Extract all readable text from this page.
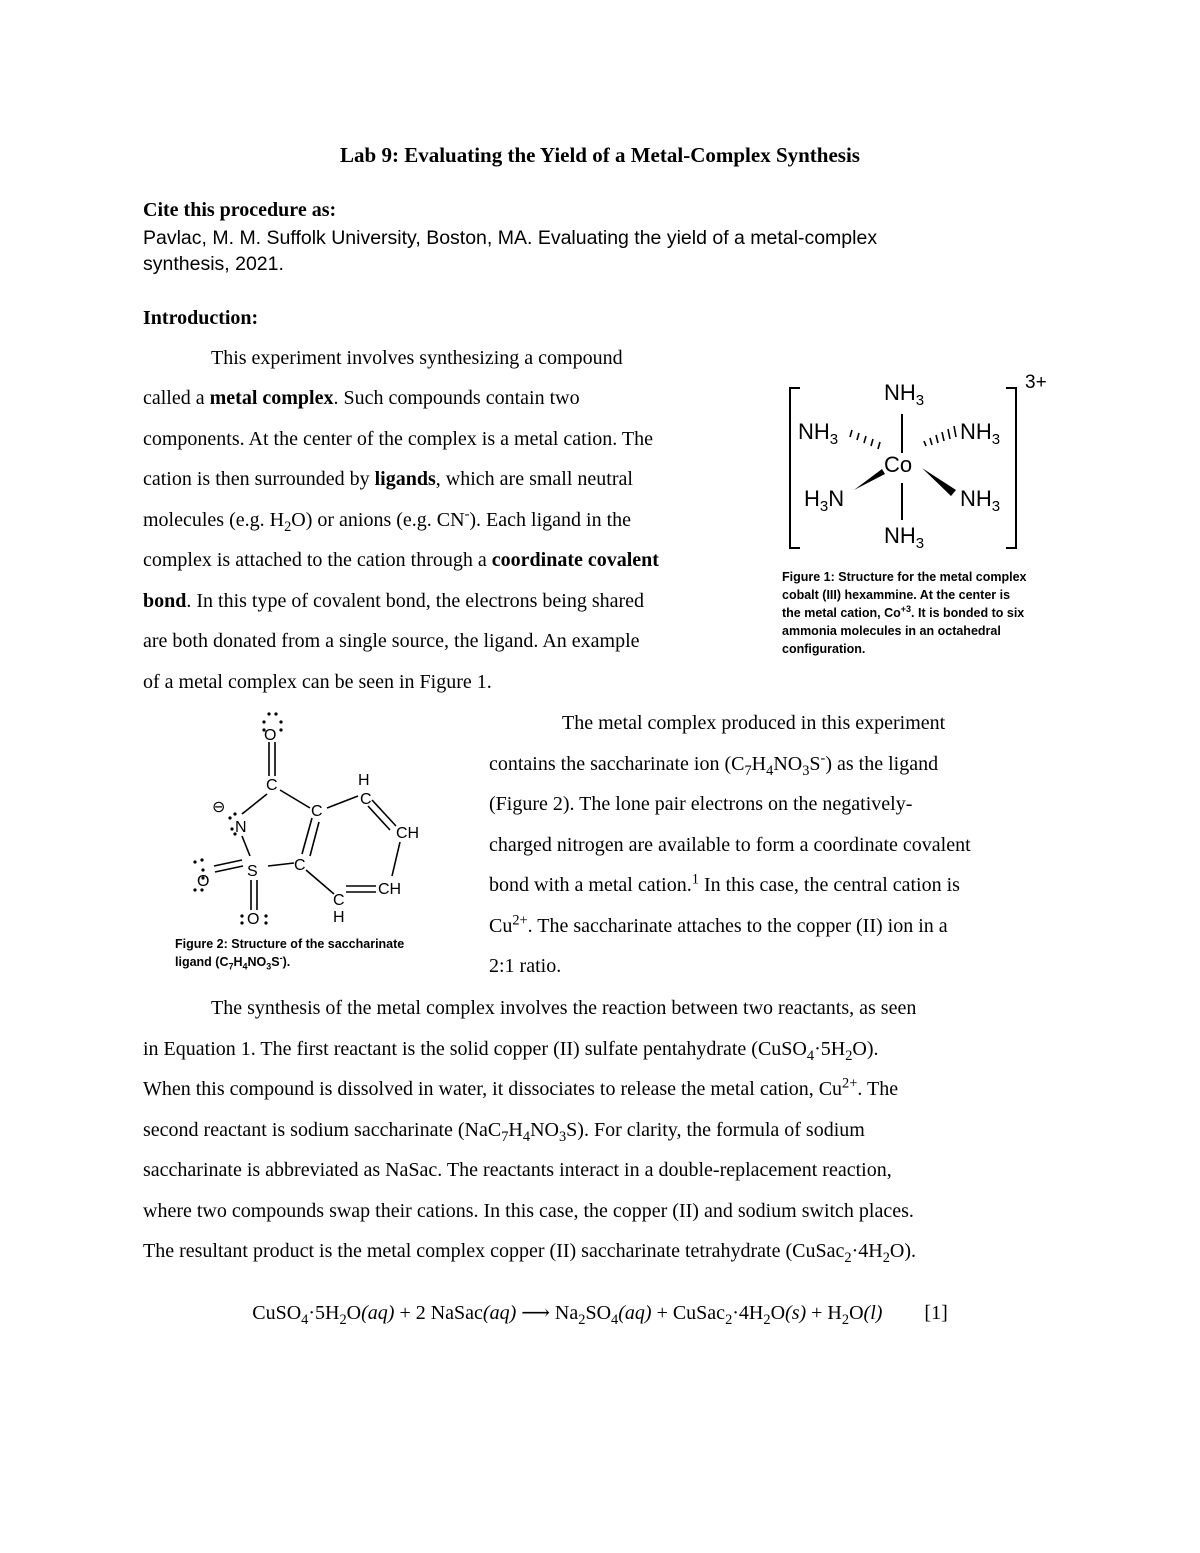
Lab 9: Evaluating the Yield of a Metal-Complex Synthesis
Cite this procedure as:
Pavlac, M. M. Suffolk University, Boston, MA. Evaluating the yield of a metal-complex
synthesis, 2021.
Introduction:
This experiment involves synthesizing a compound
called a metal complex. Such compounds contain two
components. At the center of the complex is a metal cation. The
cation is then surrounded by ligands, which are small neutral
molecules (e.g. $H_2O$) or anions (e.g. CN-). Each ligand in the
complex is attached to the cation through a coordinate covalent
bond. In this type of covalent bond, the electrons being shared
are both donated from a single source, the ligand. An example
of a metal complex can be seen in Figure 1.
$NH_3$
$NH_3$
$NH_3$	$NH_3$
$H_3N$	$NH_3$
Co
3+
Figure 1: Structure for the metal complex
cobalt (III) hexammine. At the center is
the metal cation, $Co^{+3}$. It is bonded to six
ammonia molecules in an octahedral
configuration.
O
C	H
C
⊖
N
C
CH
S
O
C
CH
C
H
O
Figure 2: Structure of the saccharinate
ligand $(C_7H_4NO_3S^-)$.
The metal complex produced in this experiment
contains the saccharinate ion $(C_7H_4NO_3S^-)$ as the ligand
(Figure 2). The lone pair electrons on the negatively-
charged nitrogen are available to form a coordinate covalent
bond with a metal cation.$^1$ In this case, the central cation is
$Cu^{2+}$. The saccharinate attaches to the copper (II) ion in a
2:1 ratio.
The synthesis of the metal complex involves the reaction between two reactants, as seen
in Equation 1. The first reactant is the solid copper (II) sulfate pentahydrate $(CuSO_4\cdot 5H_2O)$.
When this compound is dissolved in water, it dissociates to release the metal cation, $Cu^{2+}$. The
second reactant is sodium saccharinate $(NaC_7H_4NO_3S)$. For clarity, the formula of sodium
saccharinate is abbreviated as NaSac. The reactants interact in a double-replacement reaction,
where two compounds swap their cations. In this case, the copper (II) and sodium switch places.
The resultant product is the metal complex copper (II) saccharinate tetrahydrate $(CuSac_2\cdot 4H_2O)$.
$CuSO_4\cdot 5H_2O(aq) + 2$ NaSac(aq) ⟶ $Na_2SO_4(aq)$ + $CuSac_2\cdot 4H_2O(s) + H_2O(l)$ [1]
